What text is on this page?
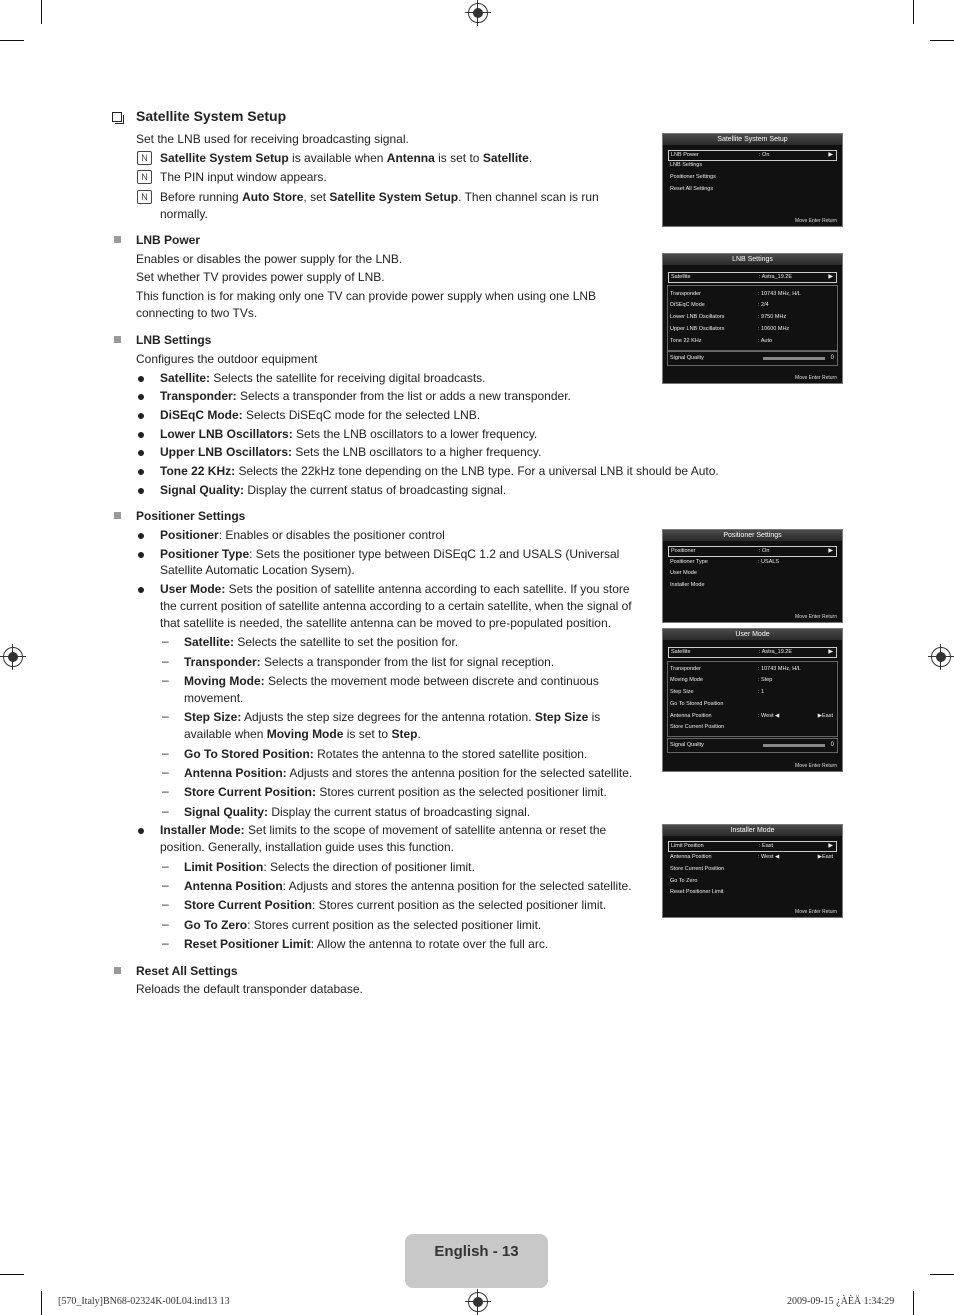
Satellite System Setup
Set the LNB used for receiving broadcasting signal.
N	Satellite System Setup is available when Antenna is set to Satellite.
N	The PIN input window appears.
N	Before running Auto Store, set Satellite System Setup. Then channel scan is run
normally.
LNB Power
Enables or disables the power supply for the LNB.
Set whether TV provides power supply of LNB.
This function is for making only one TV can provide power supply when using one LNB
connecting to two TVs.
LNB Settings
Configures the outdoor equipment
Satellite: Selects the satellite for receiving digital broadcasts.
Transponder: Selects a transponder from the list or adds a new transponder.
DiSEqC Mode: Selects DiSEqC mode for the selected LNB.
Lower LNB Oscillators: Sets the LNB oscillators to a lower frequency.
Upper LNB Oscillators: Sets the LNB oscillators to a higher frequency.
Tone 22 KHz: Selects the 22kHz tone depending on the LNB type. For a universal LNB it should be Auto.
Signal Quality: Display the current status of broadcasting signal.
Positioner Settings
Positioner: Enables or disables the positioner control
Positioner Type: Sets the positioner type between DiSEqC 1.2 and USALS (Universal
Satellite Automatic Location Sysem).
User Mode: Sets the position of satellite antenna according to each satellite. If you store
the current position of satellite antenna according to a certain satellite, when the signal of
that satellite is needed, the satellite antenna can be moved to pre-populated position.
– Satellite: Selects the satellite to set the position for.
– Transponder: Selects a transponder from the list for signal reception.
– Moving Mode: Selects the movement mode between discrete and continuous
movement.
– Step Size: Adjusts the step size degrees for the antenna rotation. Step Size is
available when Moving Mode is set to Step.
– Go To Stored Position: Rotates the antenna to the stored satellite position.
– Antenna Position: Adjusts and stores the antenna position for the selected satellite.
– Store Current Position: Stores current position as the selected positioner limit.
– Signal Quality: Display the current status of broadcasting signal.
Installer Mode: Set limits to the scope of movement of satellite antenna or reset the
position. Generally, installation guide uses this function.
– Limit Position: Selects the direction of positioner limit.
– Antenna Position: Adjusts and stores the antenna position for the selected satellite.
– Store Current Position: Stores current position as the selected positioner limit.
– Go To Zero: Stores current position as the selected positioner limit.
– Reset Positioner Limit: Allow the antenna to rotate over the full arc.
Reset All Settings
Reloads the default transponder database.
Satellite System Setup
LNB Power	: On	▶
LNB Settings
Positioner Settings
Reset All Settings
Move Enter Return
LNB Settings
Satellite	: Astra_19.2E	▶
Transponder	: 10743 MHz, H/L
DiSEqC Mode	: 2/4
Lower LNB Oscillators	: 9750 MHz
Upper LNB Oscillators	: 10600 MHz
Tone 22 KHz	: Auto
Signal Quality	0
Move Enter Return
Positioner Settings
Positioner	: On	▶
Positioner Type	: USALS
User Mode
Installer Mode
Move Enter Return
User Mode
Satellite	: Astra_19.2E	▶
Transponder	: 10743 MHz, H/L
Moving Mode	: Step
Step Size	: 1
Go To Stored Position
Antenna Position	: West ◀	▶East
Store Current Position
Signal Quality	0
Move Enter Return
Installer Mode
Limit Position	: East	▶
Antenna Position	: West ◀	▶East
Store Current Position
Go To Zero
Reset Positioner Limit
Move Enter Return
English - 13
[570_Italy]BN68-02324K-00L04.ind13 13	2009-09-15 ¿ÀÈÄ 1:34:29
